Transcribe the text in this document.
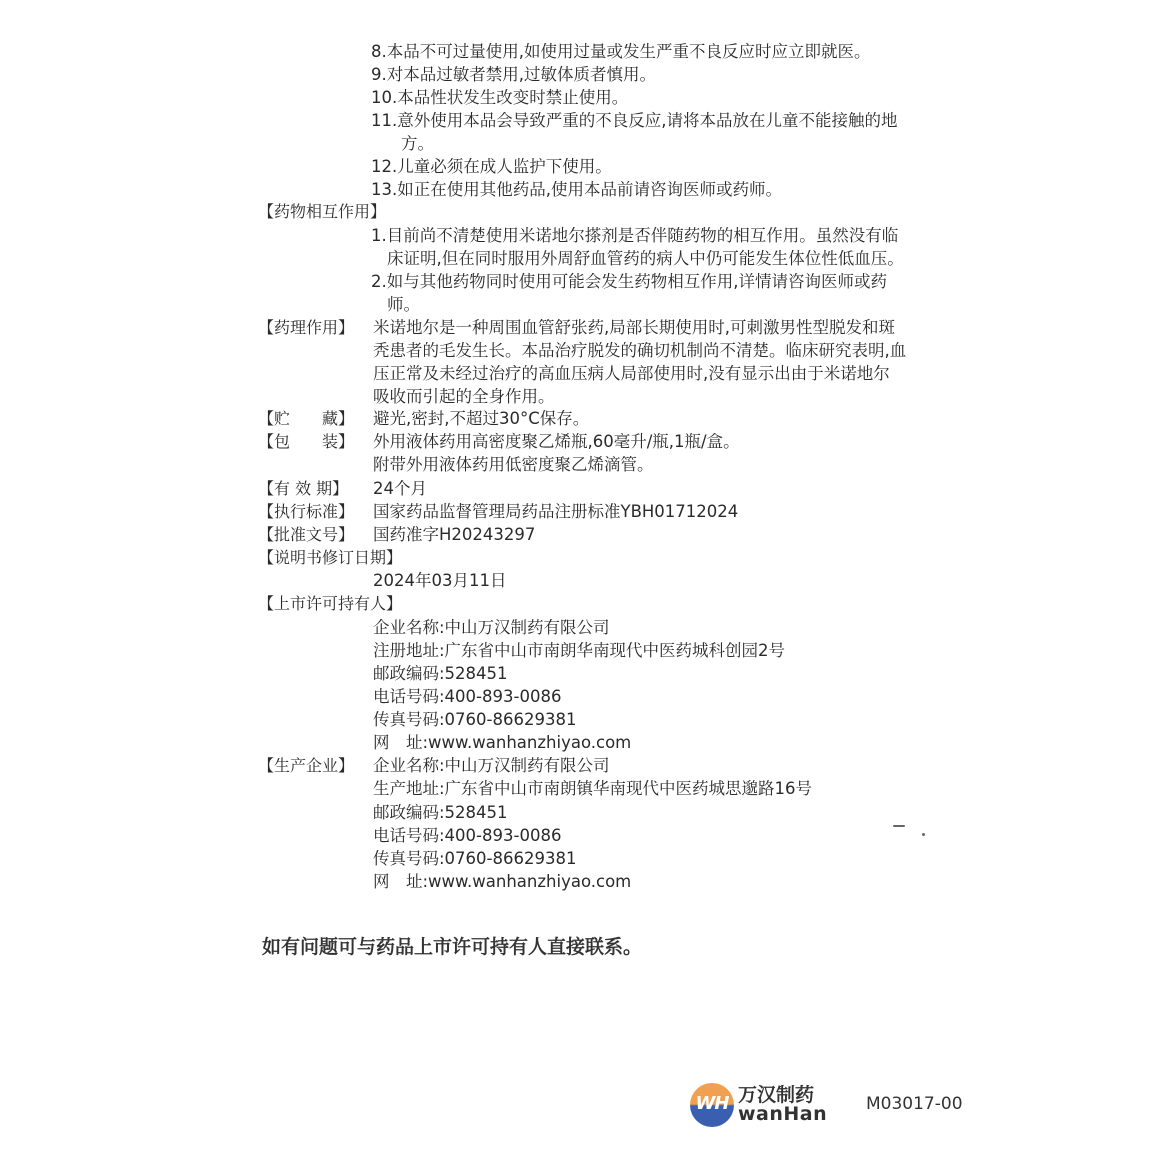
8.本品不可过量使用,如使用过量或发生严重不良反应时应立即就医。
9.对本品过敏者禁用,过敏体质者慎用。
10.本品性状发生改变时禁止使用。
11.意外使用本品会导致严重的不良反应,请将本品放在儿童不能接触的地
方。
12.儿童必须在成人监护下使用。
13.如正在使用其他药品,使用本品前请咨询医师或药师。
【药物相互作用】
1.目前尚不清楚使用米诺地尔搽剂是否伴随药物的相互作用。虽然没有临
床证明,但在同时服用外周舒血管药的病人中仍可能发生体位性低血压。
2.如与其他药物同时使用可能会发生药物相互作用,详情请咨询医师或药
师。
【药理作用】 米诺地尔是一种周围血管舒张药,局部长期使用时,可刺激男性型脱发和斑
秃患者的毛发生长。本品治疗脱发的确切机制尚不清楚。临床研究表明,血
压正常及未经过治疗的高血压病人局部使用时,没有显示出由于米诺地尔
吸收而引起的全身作用。
【贮　　藏】 避光,密封,不超过30°C保存。
【包　　装】 外用液体药用高密度聚乙烯瓶,60毫升/瓶,1瓶/盒。
附带外用液体药用低密度聚乙烯滴管。
【有 效 期】 24个月
【执行标准】 国家药品监督管理局药品注册标准YBH01712024
【批准文号】 国药准字H20243297
【说明书修订日期】
2024年03月11日
【上市许可持有人】
企业名称:中山万汉制药有限公司
注册地址:广东省中山市南朗华南现代中医药城科创园2号
邮政编码:528451
电话号码:400-893-0086
传真号码:0760-86629381
网　址:www.wanhanzhiyao.com
【生产企业】 企业名称:中山万汉制药有限公司
生产地址:广东省中山市南朗镇华南现代中医药城思邈路16号
邮政编码:528451
电话号码:400-893-0086
传真号码:0760-86629381
网　址:www.wanhanzhiyao.com
如有问题可与药品上市许可持有人直接联系。
WH 万汉制药
wanHan M03017-00
